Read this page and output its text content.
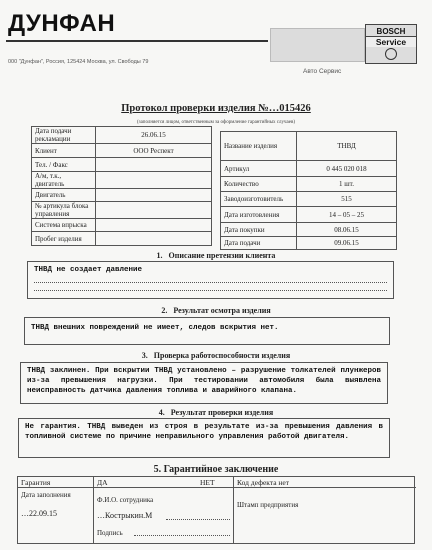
ДУНФАН
000 "Дунфан", Россия, 125424 Москва, ул. Свободы 79
BOSCH
Service
Авто Сервис
Протокол проверки изделия №…015426
(заполняется лицом, ответственным за оформление гарантийных случаев)
Дата подачи рекламации	26.06.15
Клиент	ООО Респект
Тел. / Факс	
А/м, т.к., двигатель	
Двигатель	
№ артикула блока управления	
Система впрыска	
Пробег изделия	
Название изделия	ТНВД
Артикул	0 445 020 018
Количество	1 шт.
Заводоизготовитель	515
Дата изготовления	14 – 05 – 25
Дата покупки	08.06.15
Дата подачи	09.06.15
1. Описание претензии клиента
ТНВД не создает давление
2. Результат осмотра изделия
ТНВД внешних повреждений не имеет, следов вскрытия нет.
3. Проверка работоспособности изделия
ТНВД заклинен. При вскрытии ТНВД установлено – разрушение толкателей плунжеров из-за превышения нагрузки. При тестировании автомобиля была выявлена неисправность датчика давления топлива и аварийного клапана.
4. Результат проверки изделия
Не гарантия. ТНВД выведен из строя в результате из-за превышения давления в топливной системе по причине неправильного управления работой двигателя.
5. Гарантийное заключение
Гарантия
Дата заполнения
…22.09.15
ДА	НЕТ
Ф.И.О. сотрудника
…Кострыкин.М
Подпись
Код дефекта нет
Штамп предприятия
